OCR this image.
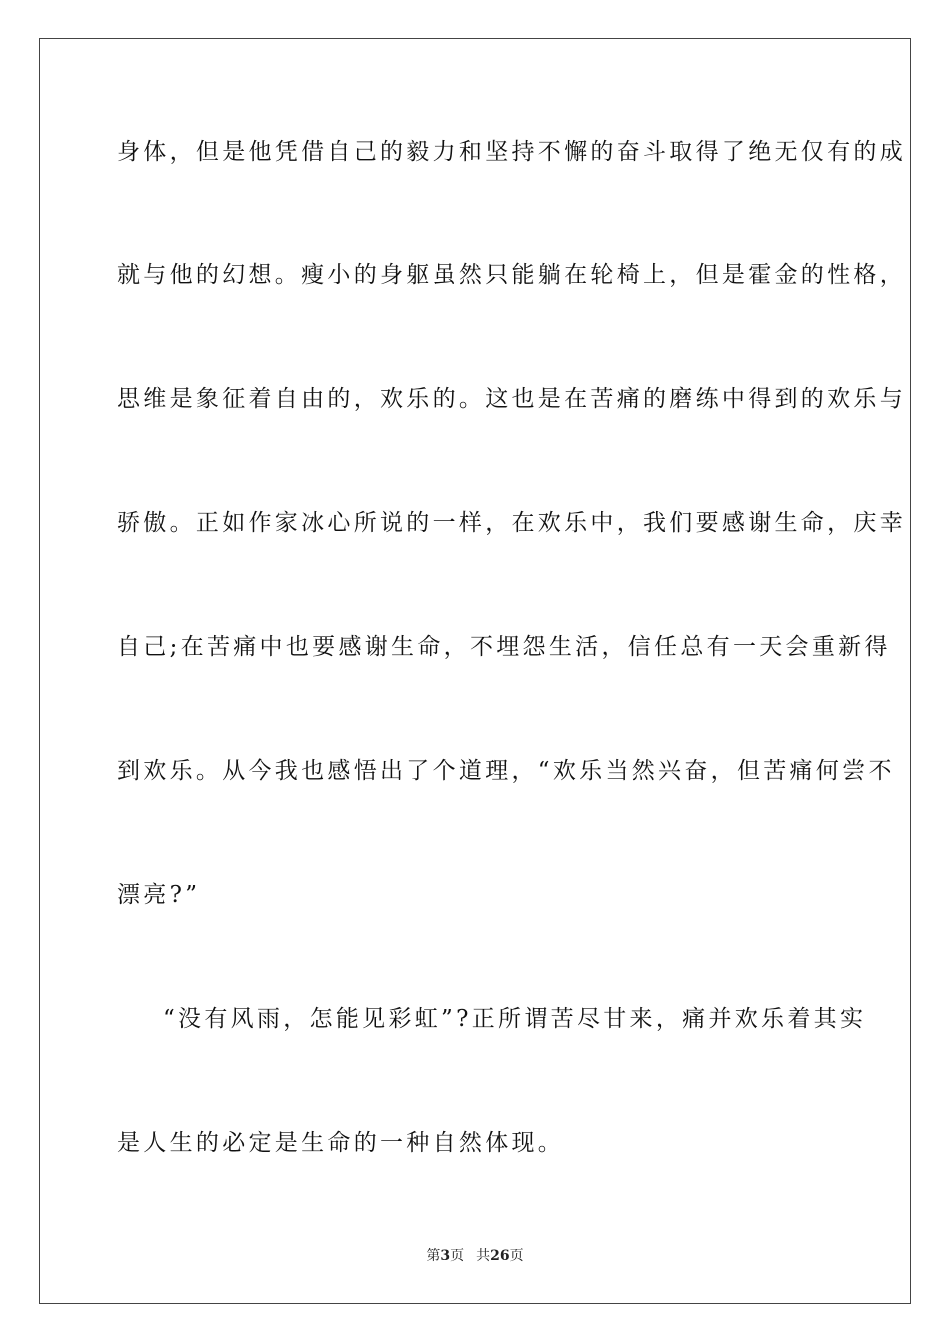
身体，但是他凭借自己的毅力和坚持不懈的奋斗取得了绝无仅有的成
就与他的幻想。瘦小的身躯虽然只能躺在轮椅上，但是霍金的性格，
思维是象征着自由的，欢乐的。这也是在苦痛的磨练中得到的欢乐与
骄傲。正如作家冰心所说的一样，在欢乐中，我们要感谢生命，庆幸
自己;在苦痛中也要感谢生命，不埋怨生活，信任总有一天会重新得
到欢乐。从今我也感悟出了个道理，“欢乐当然兴奋，但苦痛何尝不
漂亮?”
“没有风雨，怎能见彩虹”?正所谓苦尽甘来，痛并欢乐着其实
是人生的必定是生命的一种自然体现。
第3页 共26页
